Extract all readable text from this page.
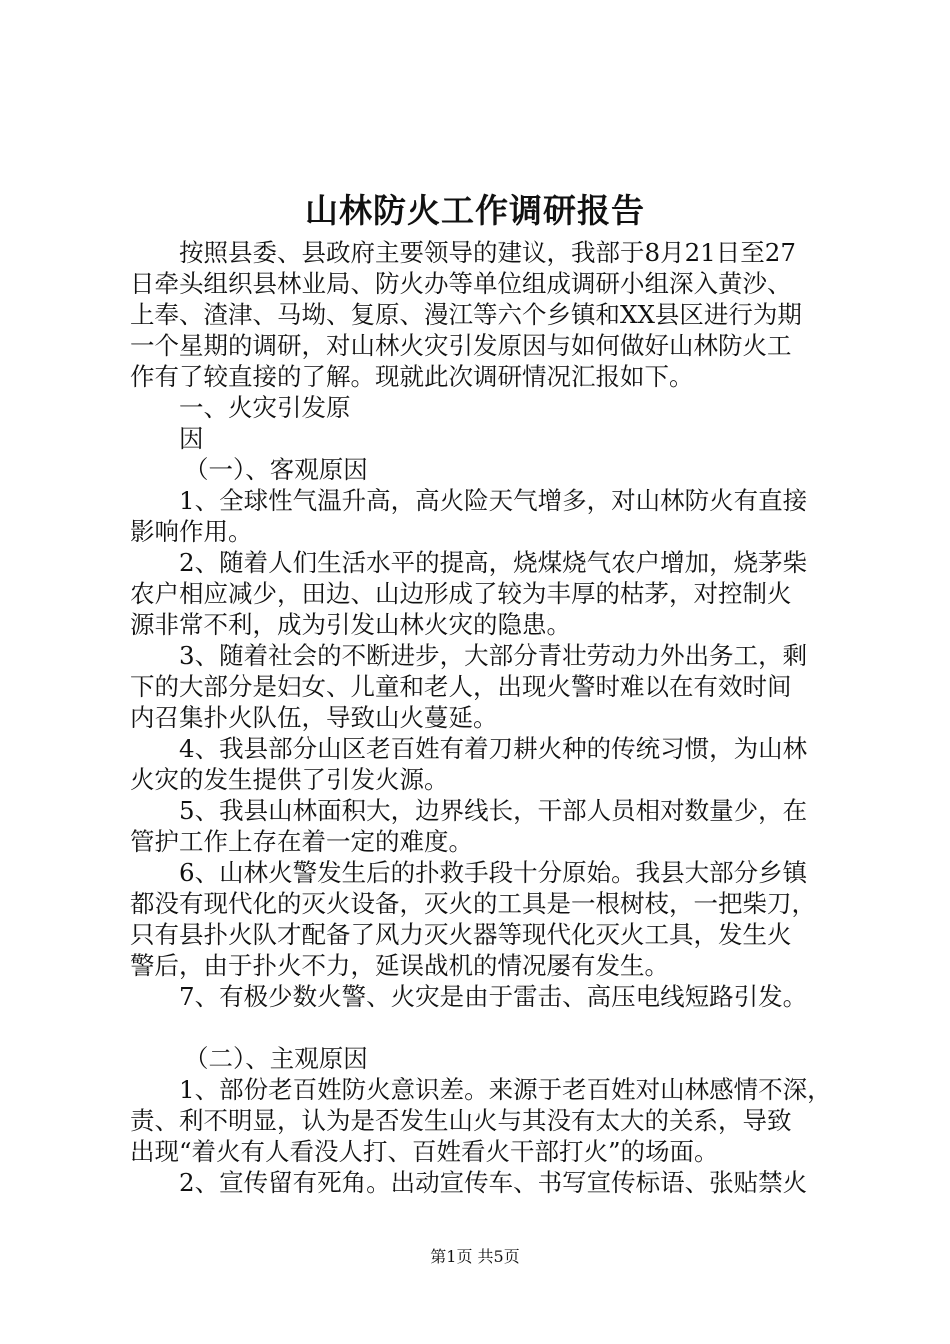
山林防火工作调研报告

按照县委、县政府主要领导的建议，我部于8月21日至27

日牵头组织县林业局、防火办等单位组成调研小组深入黄沙、

上奉、渣津、马坳、复原、漫江等六个乡镇和XX县区进行为期

一个星期的调研，对山林火灾引发原因与如何做好山林防火工

作有了较直接的了解。现就此次调研情况汇报如下。

一、火灾引发原

因

（一）、客观原因

1、全球性气温升高，高火险天气增多，对山林防火有直接

影响作用。

2、随着人们生活水平的提高，烧煤烧气农户增加，烧茅柴

农户相应减少，田边、山边形成了较为丰厚的枯茅，对控制火

源非常不利，成为引发山林火灾的隐患。

3、随着社会的不断进步，大部分青壮劳动力外出务工，剩

下的大部分是妇女、儿童和老人，出现火警时难以在有效时间

内召集扑火队伍，导致山火蔓延。

4、我县部分山区老百姓有着刀耕火种的传统习惯，为山林

火灾的发生提供了引发火源。

5、我县山林面积大，边界线长，干部人员相对数量少，在

管护工作上存在着一定的难度。

6、山林火警发生后的扑救手段十分原始。我县大部分乡镇

都没有现代化的灭火设备，灭火的工具是一根树枝，一把柴刀，

只有县扑火队才配备了风力灭火器等现代化灭火工具，发生火

警后，由于扑火不力，延误战机的情况屡有发生。

7、有极少数火警、火灾是由于雷击、高压电线短路引发。

（二）、主观原因

1、部份老百姓防火意识差。来源于老百姓对山林感情不深，

责、利不明显，认为是否发生山火与其没有太大的关系，导致

出现“着火有人看没人打、百姓看火干部打火”的场面。

2、宣传留有死角。出动宣传车、书写宣传标语、张贴禁火

第1页 共5页
